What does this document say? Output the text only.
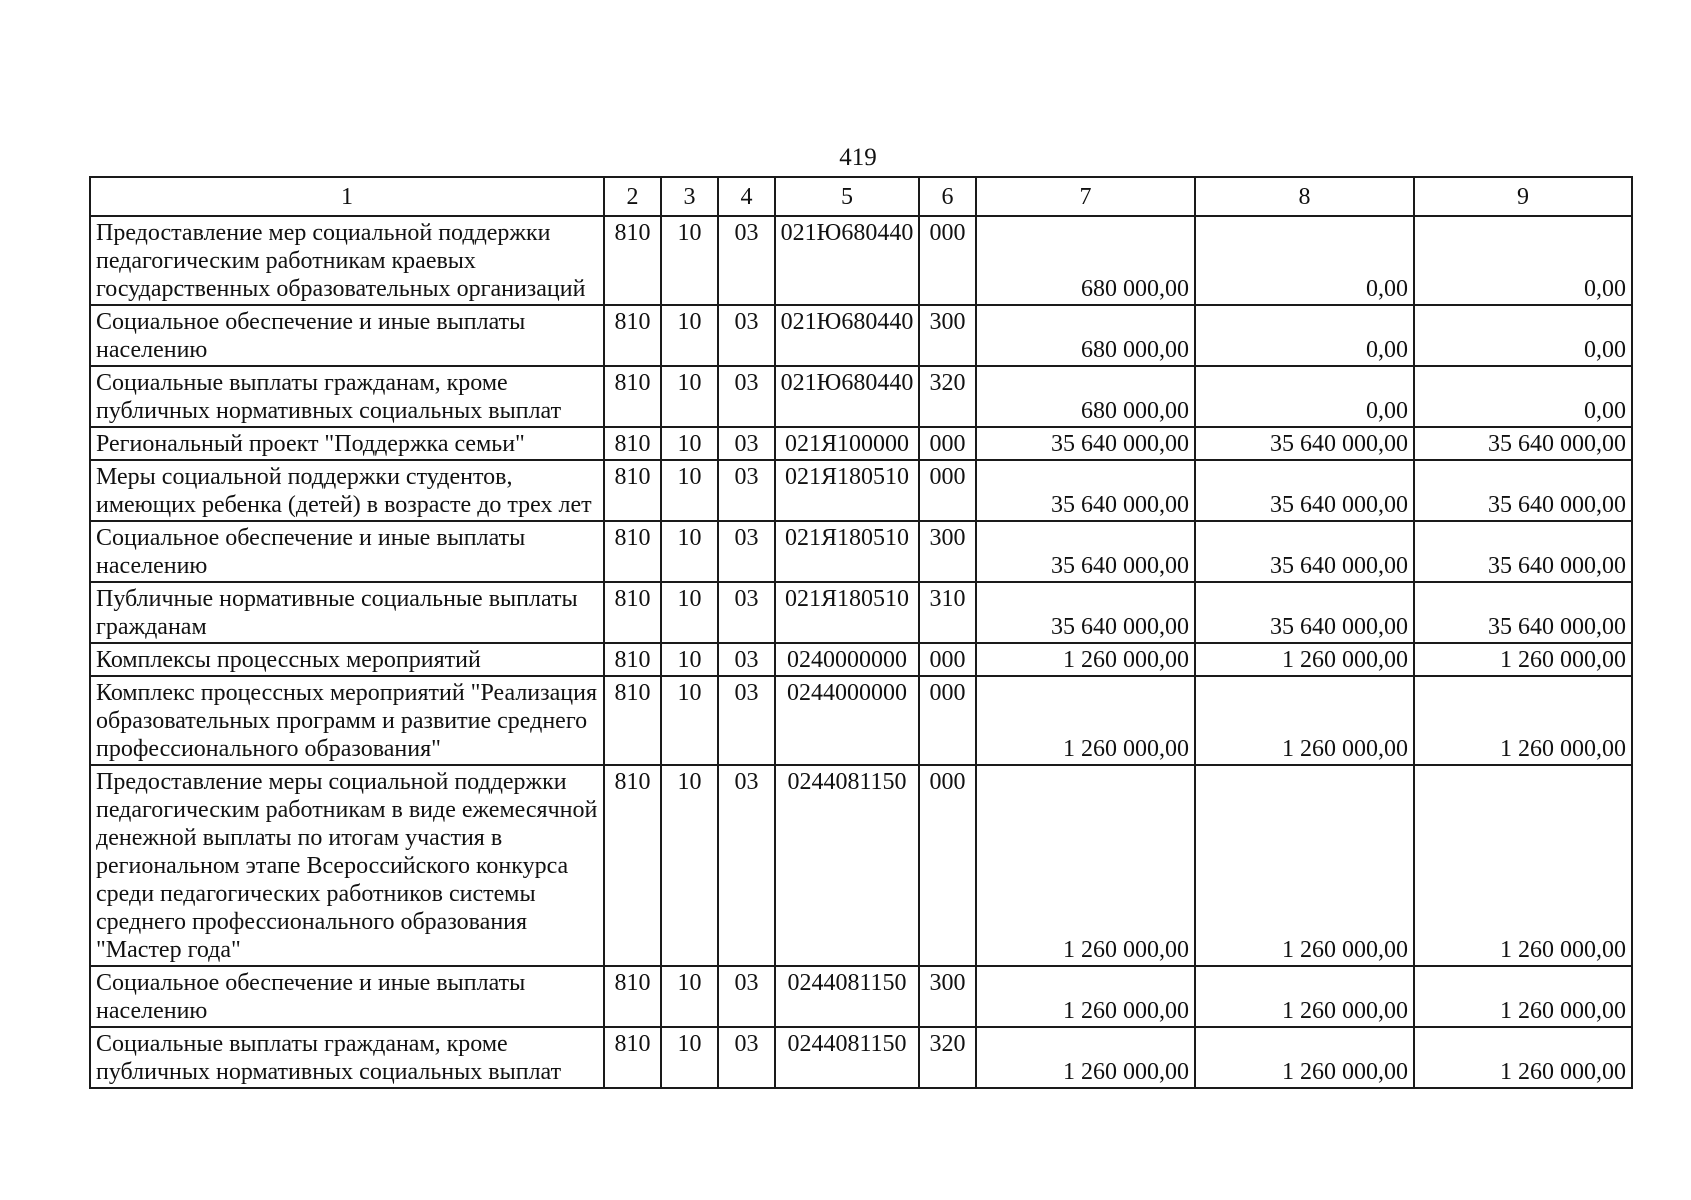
419
1	2	3	4	5	6	7	8	9
Предоставление мер социальной поддержки педагогическим работникам краевых государственных образовательных организаций	810	10	03	021Ю680440	000	680 000,00	0,00	0,00
Социальное обеспечение и иные выплаты населению	810	10	03	021Ю680440	300	680 000,00	0,00	0,00
Социальные выплаты гражданам, кроме публичных нормативных социальных выплат	810	10	03	021Ю680440	320	680 000,00	0,00	0,00
Региональный проект "Поддержка семьи"	810	10	03	021Я100000	000	35 640 000,00	35 640 000,00	35 640 000,00
Меры социальной поддержки студентов, имеющих ребенка (детей) в возрасте до трех лет	810	10	03	021Я180510	000	35 640 000,00	35 640 000,00	35 640 000,00
Социальное обеспечение и иные выплаты населению	810	10	03	021Я180510	300	35 640 000,00	35 640 000,00	35 640 000,00
Публичные нормативные социальные выплаты гражданам	810	10	03	021Я180510	310	35 640 000,00	35 640 000,00	35 640 000,00
Комплексы процессных мероприятий	810	10	03	0240000000	000	1 260 000,00	1 260 000,00	1 260 000,00
Комплекс процессных мероприятий "Реализация образовательных программ и развитие среднего профессионального образования"	810	10	03	0244000000	000	1 260 000,00	1 260 000,00	1 260 000,00
Предоставление меры социальной поддержки педагогическим работникам в виде ежемесячной денежной выплаты по итогам участия в региональном этапе Всероссийского конкурса среди педагогических работников системы среднего профессионального образования "Мастер года"	810	10	03	0244081150	000	1 260 000,00	1 260 000,00	1 260 000,00
Социальное обеспечение и иные выплаты населению	810	10	03	0244081150	300	1 260 000,00	1 260 000,00	1 260 000,00
Социальные выплаты гражданам, кроме публичных нормативных социальных выплат	810	10	03	0244081150	320	1 260 000,00	1 260 000,00	1 260 000,00
